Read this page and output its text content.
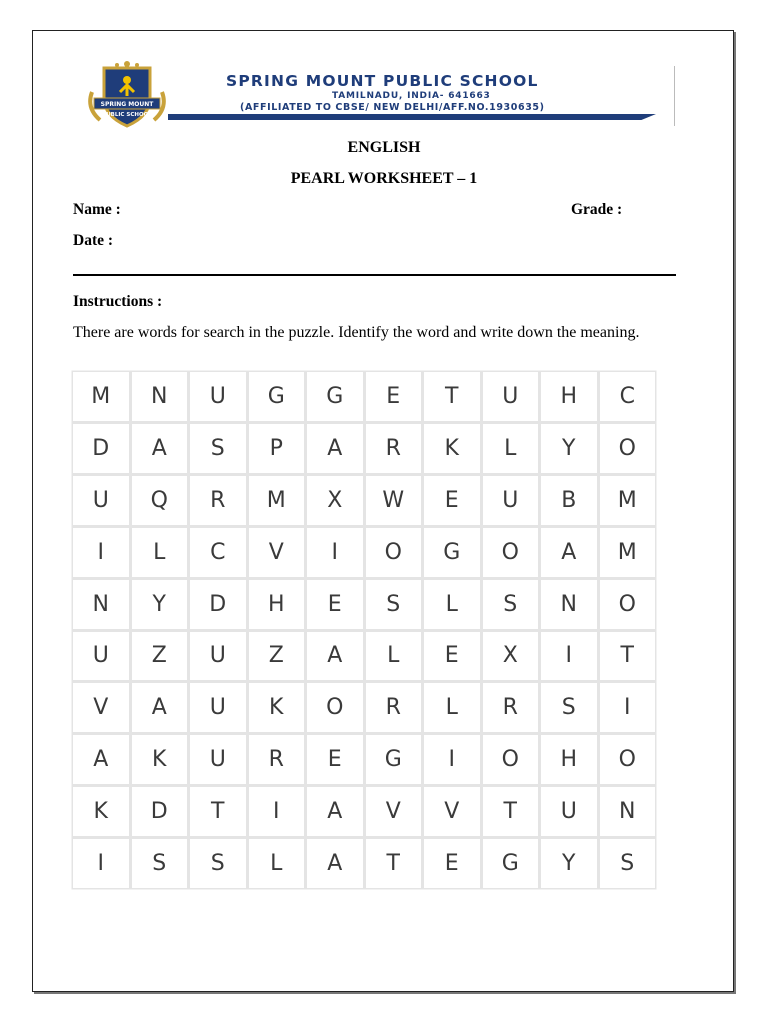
SPRING MOUNT
PUBLIC SCHOOL
SPRING MOUNT PUBLIC SCHOOL
TAMILNADU, INDIA- 641663
(AFFILIATED TO CBSE/ NEW DELHI/AFF.NO.1930635)
ENGLISH
PEARL WORKSHEET – 1
Name :	Grade :
Date :
Instructions :
There are words for search in the puzzle. Identify the word and write down the meaning.
M	N	U	G	G	E	T	U	H	C
D	A	S	P	A	R	K	L	Y	O
U	Q	R	M	X	W	E	U	B	M
I	L	C	V	I	O	G	O	A	M
N	Y	D	H	E	S	L	S	N	O
U	Z	U	Z	A	L	E	X	I	T
V	A	U	K	O	R	L	R	S	I
A	K	U	R	E	G	I	O	H	O
K	D	T	I	A	V	V	T	U	N
I	S	S	L	A	T	E	G	Y	S
